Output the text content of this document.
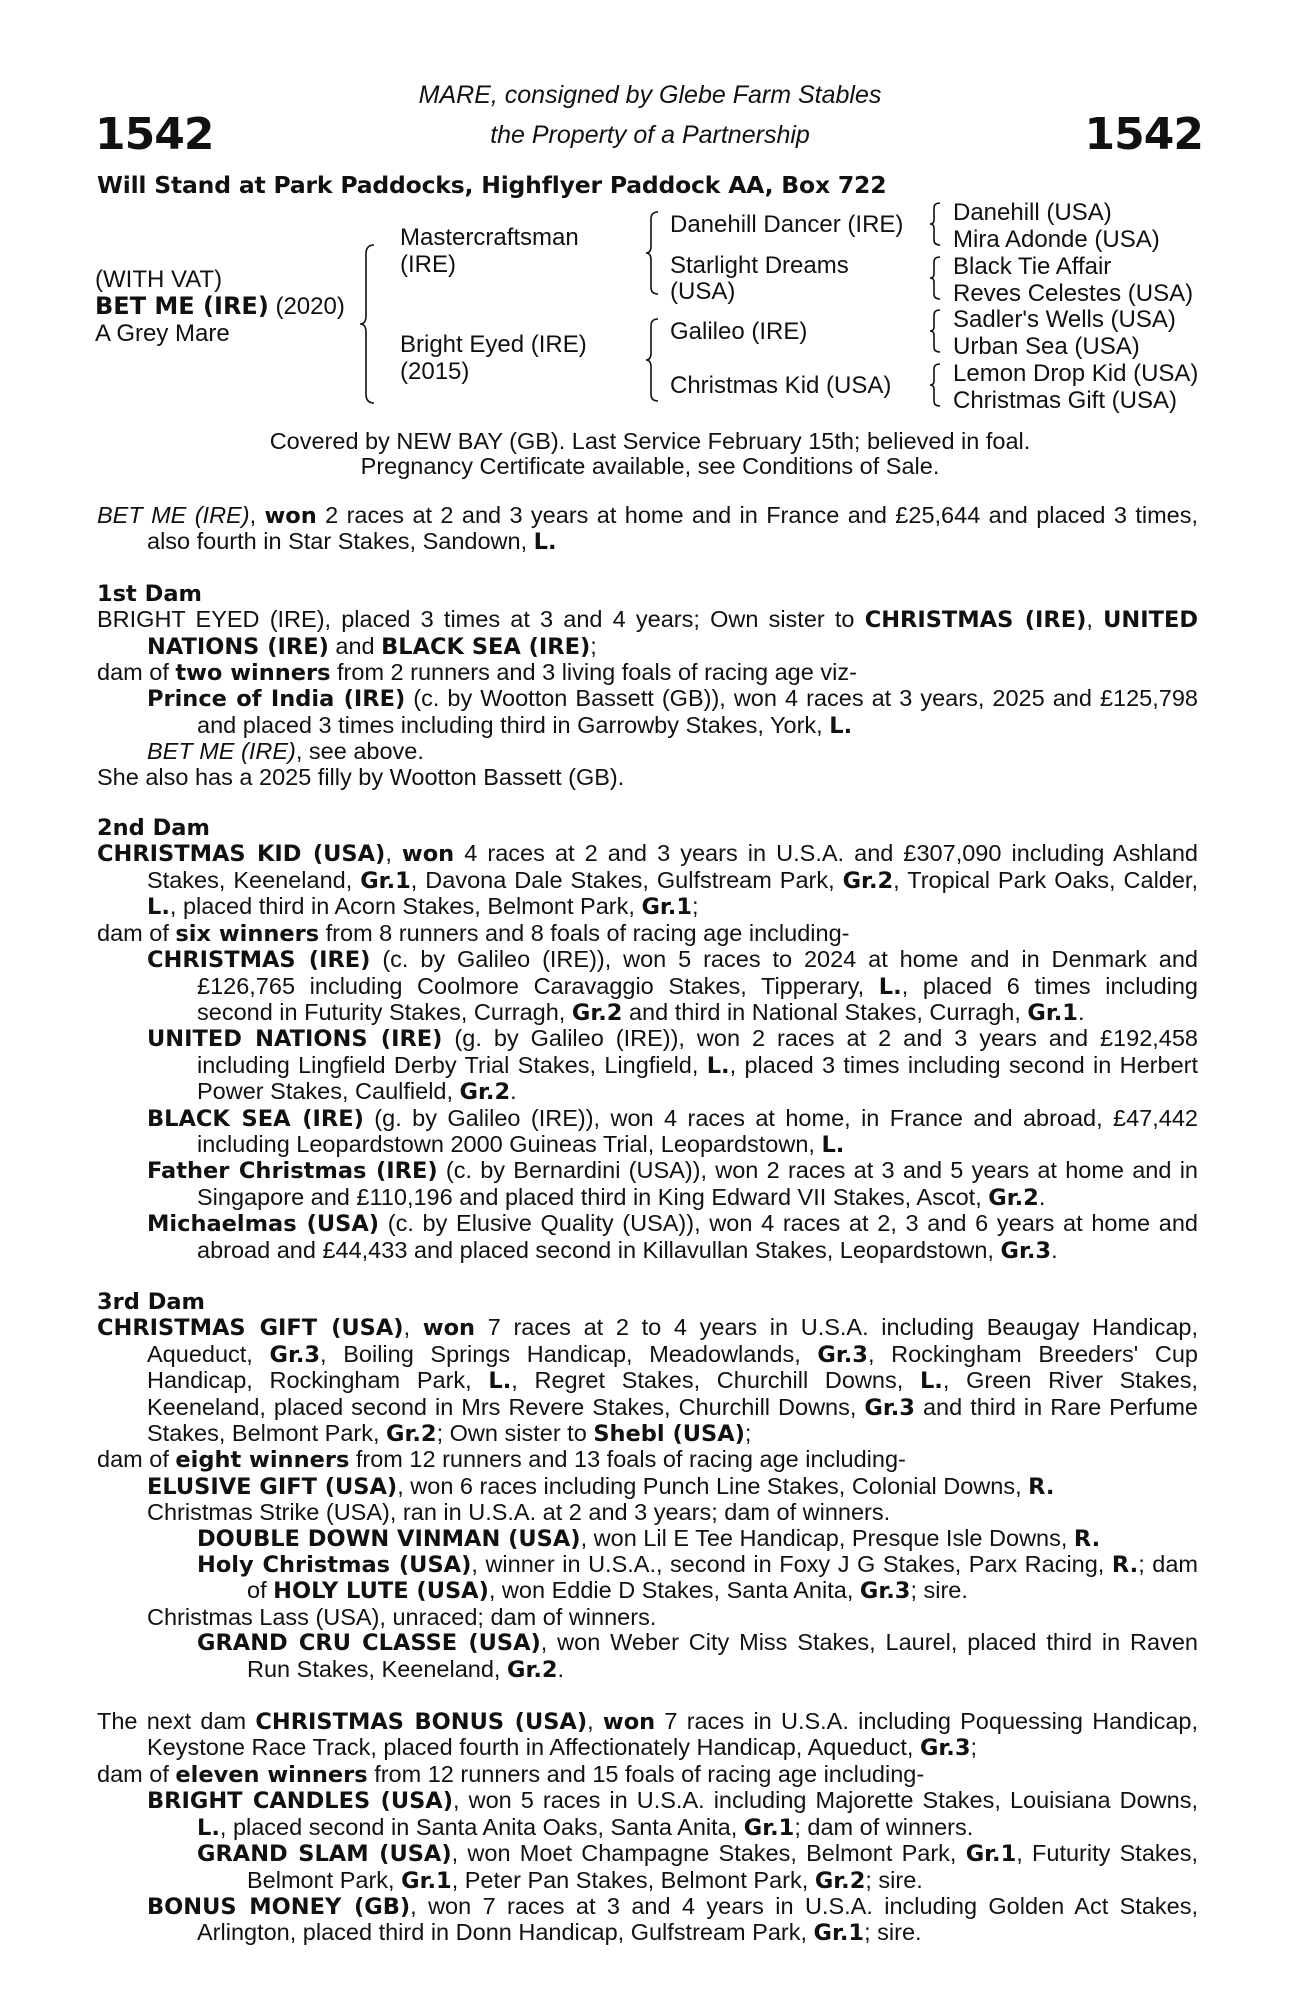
1542	1542
MARE, consigned by Glebe Farm Stables
the Property of a Partnership
Will Stand at Park Paddocks, Highflyer Paddock AA, Box 722
(WITH VAT)
BET ME (IRE) (2020)
A Grey Mare
Mastercraftsman
(IRE)
Bright Eyed (IRE)
(2015)
Danehill Dancer (IRE)
Starlight Dreams
(USA)
Galileo (IRE)
Christmas Kid (USA)
Danehill (USA)
Mira Adonde (USA)
Black Tie Affair
Reves Celestes (USA)
Sadler's Wells (USA)
Urban Sea (USA)
Lemon Drop Kid (USA)
Christmas Gift (USA)
Covered by NEW BAY (GB). Last Service February 15th; believed in foal.
Pregnancy Certificate available, see Conditions of Sale.

BET ME (IRE), won 2 races at 2 and 3 years at home and in France and £25,644 and placed 3 times, also fourth in Star Stakes, Sandown, L.

1st Dam

BRIGHT EYED (IRE), placed 3 times at 3 and 4 years; Own sister to CHRISTMAS (IRE), UNITED NATIONS (IRE) and BLACK SEA (IRE);

dam of two winners from 2 runners and 3 living foals of racing age viz-

Prince of India (IRE) (c. by Wootton Bassett (GB)), won 4 races at 3 years, 2025 and £125,798 and placed 3 times including third in Garrowby Stakes, York, L.

BET ME (IRE), see above.

She also has a 2025 filly by Wootton Bassett (GB).

2nd Dam

CHRISTMAS KID (USA), won 4 races at 2 and 3 years in U.S.A. and £307,090 including Ashland Stakes, Keeneland, Gr.1, Davona Dale Stakes, Gulfstream Park, Gr.2, Tropical Park Oaks, Calder, L., placed third in Acorn Stakes, Belmont Park, Gr.1;

dam of six winners from 8 runners and 8 foals of racing age including-

CHRISTMAS (IRE) (c. by Galileo (IRE)), won 5 races to 2024 at home and in Denmark and £126,765 including Coolmore Caravaggio Stakes, Tipperary, L., placed 6 times including second in Futurity Stakes, Curragh, Gr.2 and third in National Stakes, Curragh, Gr.1.

UNITED NATIONS (IRE) (g. by Galileo (IRE)), won 2 races at 2 and 3 years and £192,458 including Lingfield Derby Trial Stakes, Lingfield, L., placed 3 times including second in Herbert Power Stakes, Caulfield, Gr.2.

BLACK SEA (IRE) (g. by Galileo (IRE)), won 4 races at home, in France and abroad, £47,442 including Leopardstown 2000 Guineas Trial, Leopardstown, L.

Father Christmas (IRE) (c. by Bernardini (USA)), won 2 races at 3 and 5 years at home and in Singapore and £110,196 and placed third in King Edward VII Stakes, Ascot, Gr.2.

Michaelmas (USA) (c. by Elusive Quality (USA)), won 4 races at 2, 3 and 6 years at home and abroad and £44,433 and placed second in Killavullan Stakes, Leopardstown, Gr.3.

3rd Dam

CHRISTMAS GIFT (USA), won 7 races at 2 to 4 years in U.S.A. including Beaugay Handicap, Aqueduct, Gr.3, Boiling Springs Handicap, Meadowlands, Gr.3, Rockingham Breeders' Cup Handicap, Rockingham Park, L., Regret Stakes, Churchill Downs, L., Green River Stakes, Keeneland, placed second in Mrs Revere Stakes, Churchill Downs, Gr.3 and third in Rare Perfume Stakes, Belmont Park, Gr.2; Own sister to Shebl (USA);

dam of eight winners from 12 runners and 13 foals of racing age including-

ELUSIVE GIFT (USA), won 6 races including Punch Line Stakes, Colonial Downs, R.

Christmas Strike (USA), ran in U.S.A. at 2 and 3 years; dam of winners.

DOUBLE DOWN VINMAN (USA), won Lil E Tee Handicap, Presque Isle Downs, R.

Holy Christmas (USA), winner in U.S.A., second in Foxy J G Stakes, Parx Racing, R.; dam of HOLY LUTE (USA), won Eddie D Stakes, Santa Anita, Gr.3; sire.

Christmas Lass (USA), unraced; dam of winners.

GRAND CRU CLASSE (USA), won Weber City Miss Stakes, Laurel, placed third in Raven Run Stakes, Keeneland, Gr.2.

The next dam CHRISTMAS BONUS (USA), won 7 races in U.S.A. including Poquessing Handicap, Keystone Race Track, placed fourth in Affectionately Handicap, Aqueduct, Gr.3;

dam of eleven winners from 12 runners and 15 foals of racing age including-

BRIGHT CANDLES (USA), won 5 races in U.S.A. including Majorette Stakes, Louisiana Downs, L., placed second in Santa Anita Oaks, Santa Anita, Gr.1; dam of winners.

GRAND SLAM (USA), won Moet Champagne Stakes, Belmont Park, Gr.1, Futurity Stakes, Belmont Park, Gr.1, Peter Pan Stakes, Belmont Park, Gr.2; sire.

BONUS MONEY (GB), won 7 races at 3 and 4 years in U.S.A. including Golden Act Stakes, Arlington, placed third in Donn Handicap, Gulfstream Park, Gr.1; sire.
